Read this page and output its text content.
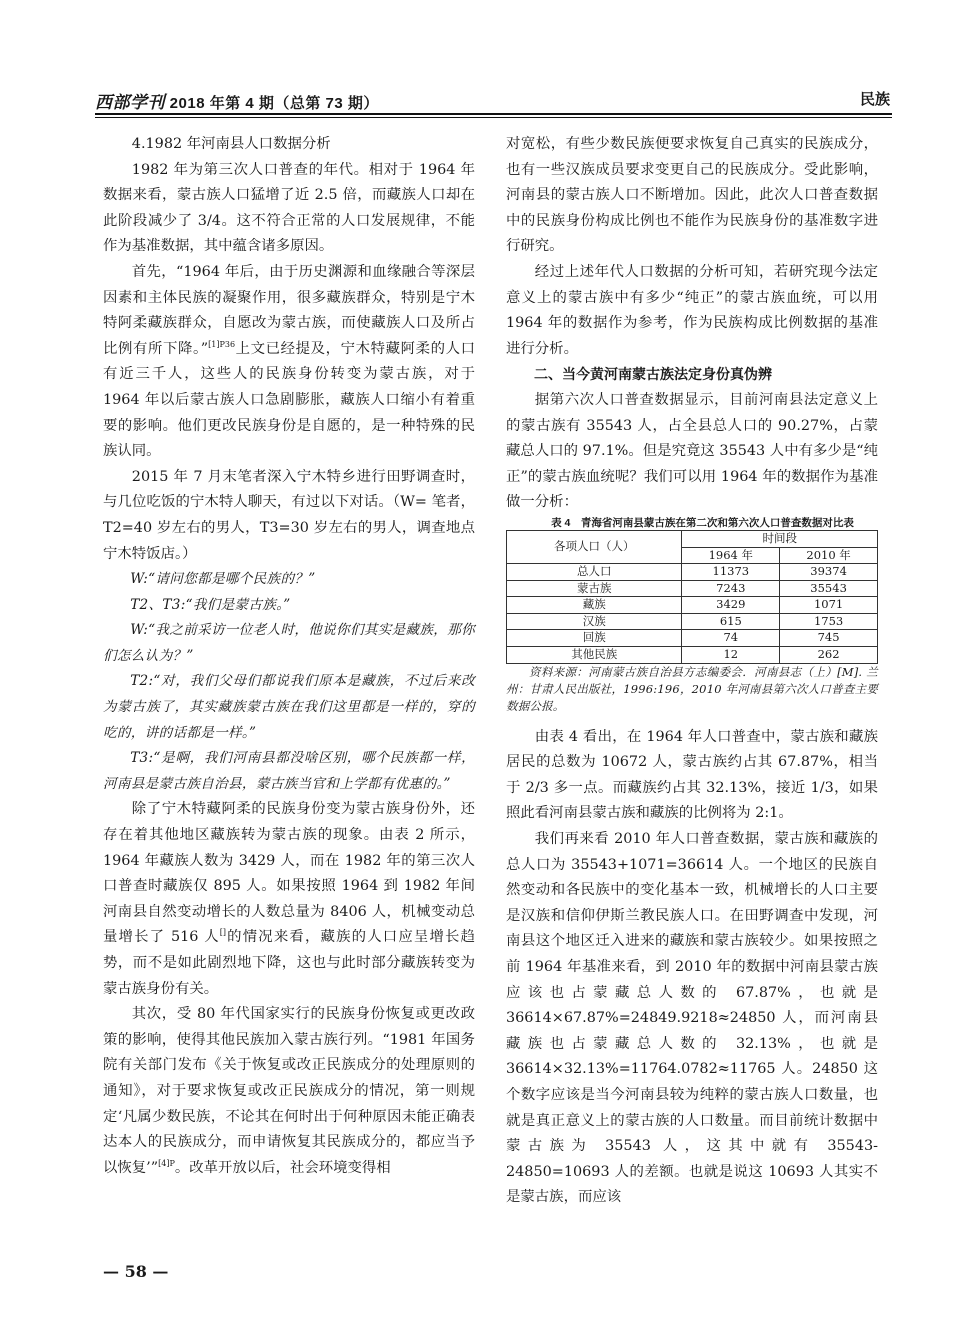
西部学刊 2018 年第 4 期（总第 73 期）	民族

4.1982 年河南县人口数据分析

1982 年为第三次人口普查的年代。相对于 1964 年数据来看，蒙古族人口猛增了近 2.5 倍，而藏族人口却在此阶段减少了 3/4。这不符合正常的人口发展规律，不能作为基准数据，其中蕴含诸多原因。

首先，“1964 年后，由于历史渊源和血缘融合等深层因素和主体民族的凝聚作用，很多藏族群众，特别是宁木特阿柔藏族群众，自愿改为蒙古族，而使藏族人口及所占比例有所下降。”$^{[1]P36}$上文已经提及，宁木特藏阿柔的人口有近三千人，这些人的民族身份转变为蒙古族，对于 1964 年以后蒙古族人口急剧膨胀，藏族人口缩小有着重要的影响。他们更改民族身份是自愿的，是一种特殊的民族认同。

2015 年 7 月末笔者深入宁木特乡进行田野调查时，与几位吃饭的宁木特人聊天，有过以下对话。（W= 笔者，T2=40 岁左右的男人，T3=30 岁左右的男人，调查地点宁木特饭店。）

W:“请问您都是哪个民族的？”

T2、T3:“我们是蒙古族。”

W:“我之前采访一位老人时，他说你们其实是藏族，那你们怎么认为？”

T2:“对，我们父母们都说我们原本是藏族，不过后来改为蒙古族了，其实藏族蒙古族在我们这里都是一样的，穿的吃的，讲的话都是一样。”

T3:“是啊，我们河南县都没啥区别，哪个民族都一样，河南县是蒙古族自治县，蒙古族当官和上学都有优惠的。”

除了宁木特藏阿柔的民族身份变为蒙古族身份外，还存在着其他地区藏族转为蒙古族的现象。由表 2 所示，1964 年藏族人数为 3429 人，而在 1982 年的第三次人口普查时藏族仅 895 人。如果按照 1964 到 1982 年间河南县自然变动增长的人数总量为 8406 人，机械变动总量增长了 516 人[]的情况来看，藏族的人口应呈增长趋势，而不是如此剧烈地下降，这也与此时部分藏族转变为蒙古族身份有关。

其次，受 80 年代国家实行的民族身份恢复或更改政策的影响，使得其他民族加入蒙古族行列。“1981 年国务院有关部门发布《关于恢复或改正民族成分的处理原则的通知》，对于要求恢复或改正民族成分的情况，第一则规定‘凡属少数民族，不论其在何时出于何种原因未能正确表达本人的民族成分，而申请恢复其民族成分的，都应当予以恢复’”$^{[4]P}$。改革开放以后，社会环境变得相

对宽松，有些少数民族便要求恢复自己真实的民族成分，也有一些汉族成员要求变更自己的民族成分。受此影响，河南县的蒙古族人口不断增加。因此，此次人口普查数据中的民族身份构成比例也不能作为民族身份的基准数字进行研究。

经过上述年代人口数据的分析可知，若研究现今法定意义上的蒙古族中有多少“纯正”的蒙古族血统，可以用 1964 年的数据作为参考，作为民族构成比例数据的基准进行分析。

二、当今黄河南蒙古族法定身份真伪辨

据第六次人口普查数据显示，目前河南县法定意义上的蒙古族有 35543 人，占全县总人口的 90.27%，占蒙藏总人口的 97.1%。但是究竟这 35543 人中有多少是“纯正”的蒙古族血统呢？我们可以用 1964 年的数据作为基准做一分析：

表 4　青海省河南县蒙古族在第二次和第六次人口普查数据对比表

各项人口（人）	时间段	
	1964 年	2010 年
总人口	11373	39374
蒙古族	7243	35543
藏族	3429	1071
汉族	615	1753
回族	74	745
其他民族	12	262

资料来源：河南蒙古族自治县方志编委会．河南县志（上）[M]. 兰州：甘肃人民出版社，1996:196，2010 年河南县第六次人口普查主要数据公报。

由表 4 看出，在 1964 年人口普查中，蒙古族和藏族居民的总数为 10672 人，蒙古族约占其 67.87%，相当于 2/3 多一点。而藏族约占其 32.13%，接近 1/3，如果照此看河南县蒙古族和藏族的比例将为 2:1。

我们再来看 2010 年人口普查数据，蒙古族和藏族的总人口为 35543+1071=36614 人。一个地区的民族自然变动和各民族中的变化基本一致，机械增长的人口主要是汉族和信仰伊斯兰教民族人口。在田野调查中发现，河南县这个地区迁入进来的藏族和蒙古族较少。如果按照之前 1964 年基准来看，到 2010 年的数据中河南县蒙古族应该也占蒙藏总人数的 67.87%，也就是 36614×67.87%=24849.9218≈24850 人，而河南县藏族也占蒙藏总人数的 32.13%，也就是 36614×32.13%=11764.0782≈11765 人。24850 这个数字应该是当今河南县较为纯粹的蒙古族人口数量，也就是真正意义上的蒙古族的人口数量。而目前统计数据中蒙古族为 35543 人，这其中就有 35543-24850=10693 人的差额。也就是说这 10693 人其实不是蒙古族，而应该

— 58 —
